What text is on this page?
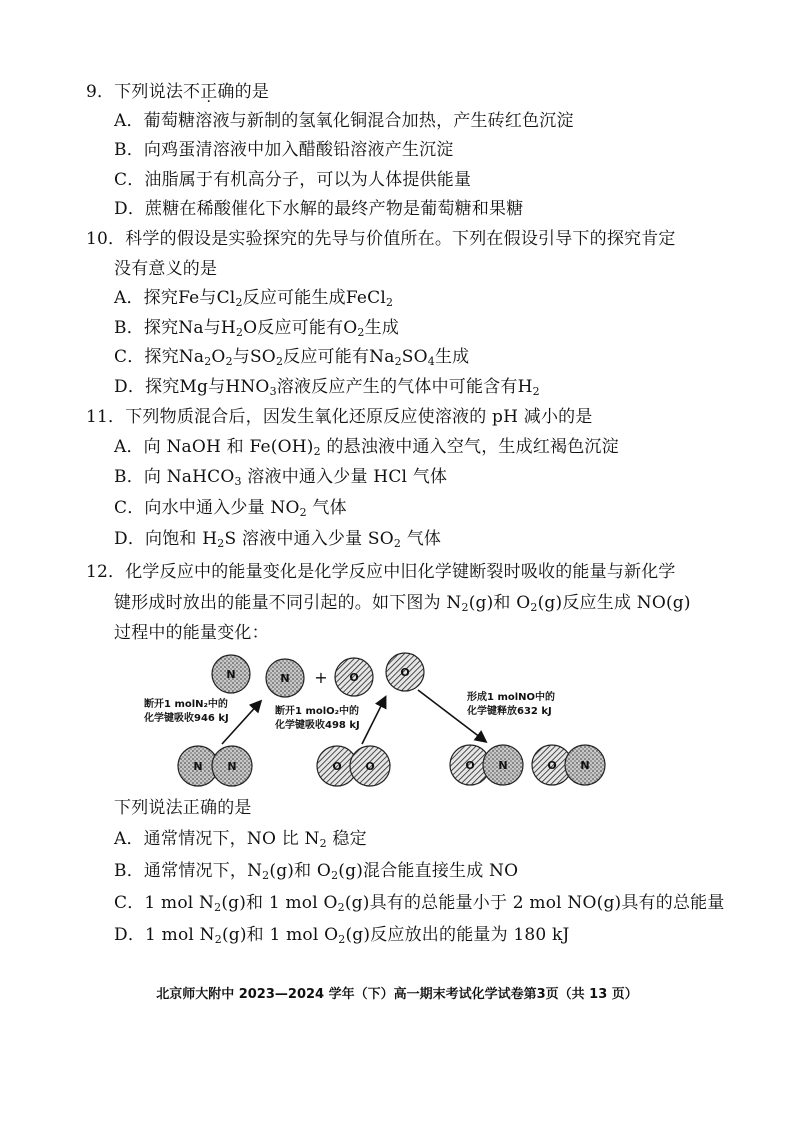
9．下列说法不正确的是
A．葡萄糖溶液与新制的氢氧化铜混合加热，产生砖红色沉淀
B．向鸡蛋清溶液中加入醋酸铅溶液产生沉淀
C．油脂属于有机高分子，可以为人体提供能量
D．蔗糖在稀酸催化下水解的最终产物是葡萄糖和果糖
10．科学的假设是实验探究的先导与价值所在。下列在假设引导下的探究肯定
没有意义的是
A．探究Fe与$Cl_2$反应可能生成FeCl$_2$
B．探究Na与$H_2O$反应可能有$O_2$生成
C．探究$Na_2O_2$与$SO_2$反应可能有$Na_2SO_4$生成
D．探究Mg与$HNO_3$溶液反应产生的气体中可能含有$H_2$
11．下列物质混合后，因发生氧化还原反应使溶液的 pH 减小的是
A．向 NaOH 和 $Fe(OH)_2$ 的悬浊液中通入空气，生成红褐色沉淀
B．向 NaHCO$_3$ 溶液中通入少量 HCl 气体
C．向水中通入少量 $NO_2$ 气体
D．向饱和 $H_2S$ 溶液中通入少量 $SO_2$ 气体
12．化学反应中的能量变化是化学反应中旧化学键断裂时吸收的能量与新化学
键形成时放出的能量不同引起的。如下图为 $N_2(g)$和 $O_2(g)$反应生成 NO(g)
过程中的能量变化：
N	N + O	O
N N	O O	O N	O N
断开1 molN₂中的
化学键吸收946 kJ
断开1 molO₂中的
化学键吸收498 kJ
形成1 molNO中的
化学键释放632 kJ
下列说法正确的是
A．通常情况下，NO 比 $N_2$ 稳定
B．通常情况下，$N_2(g)$和 $O_2(g)$混合能直接生成 NO
C．1 mol $N_2(g)$和 1 mol $O_2(g)$具有的总能量小于 2 mol NO(g)具有的总能量
D．1 mol $N_2(g)$和 1 mol $O_2(g)$反应放出的能量为 180 kJ
北京师大附中 2023—2024 学年（下）高一期末考试化学试卷第3页（共 13 页）
